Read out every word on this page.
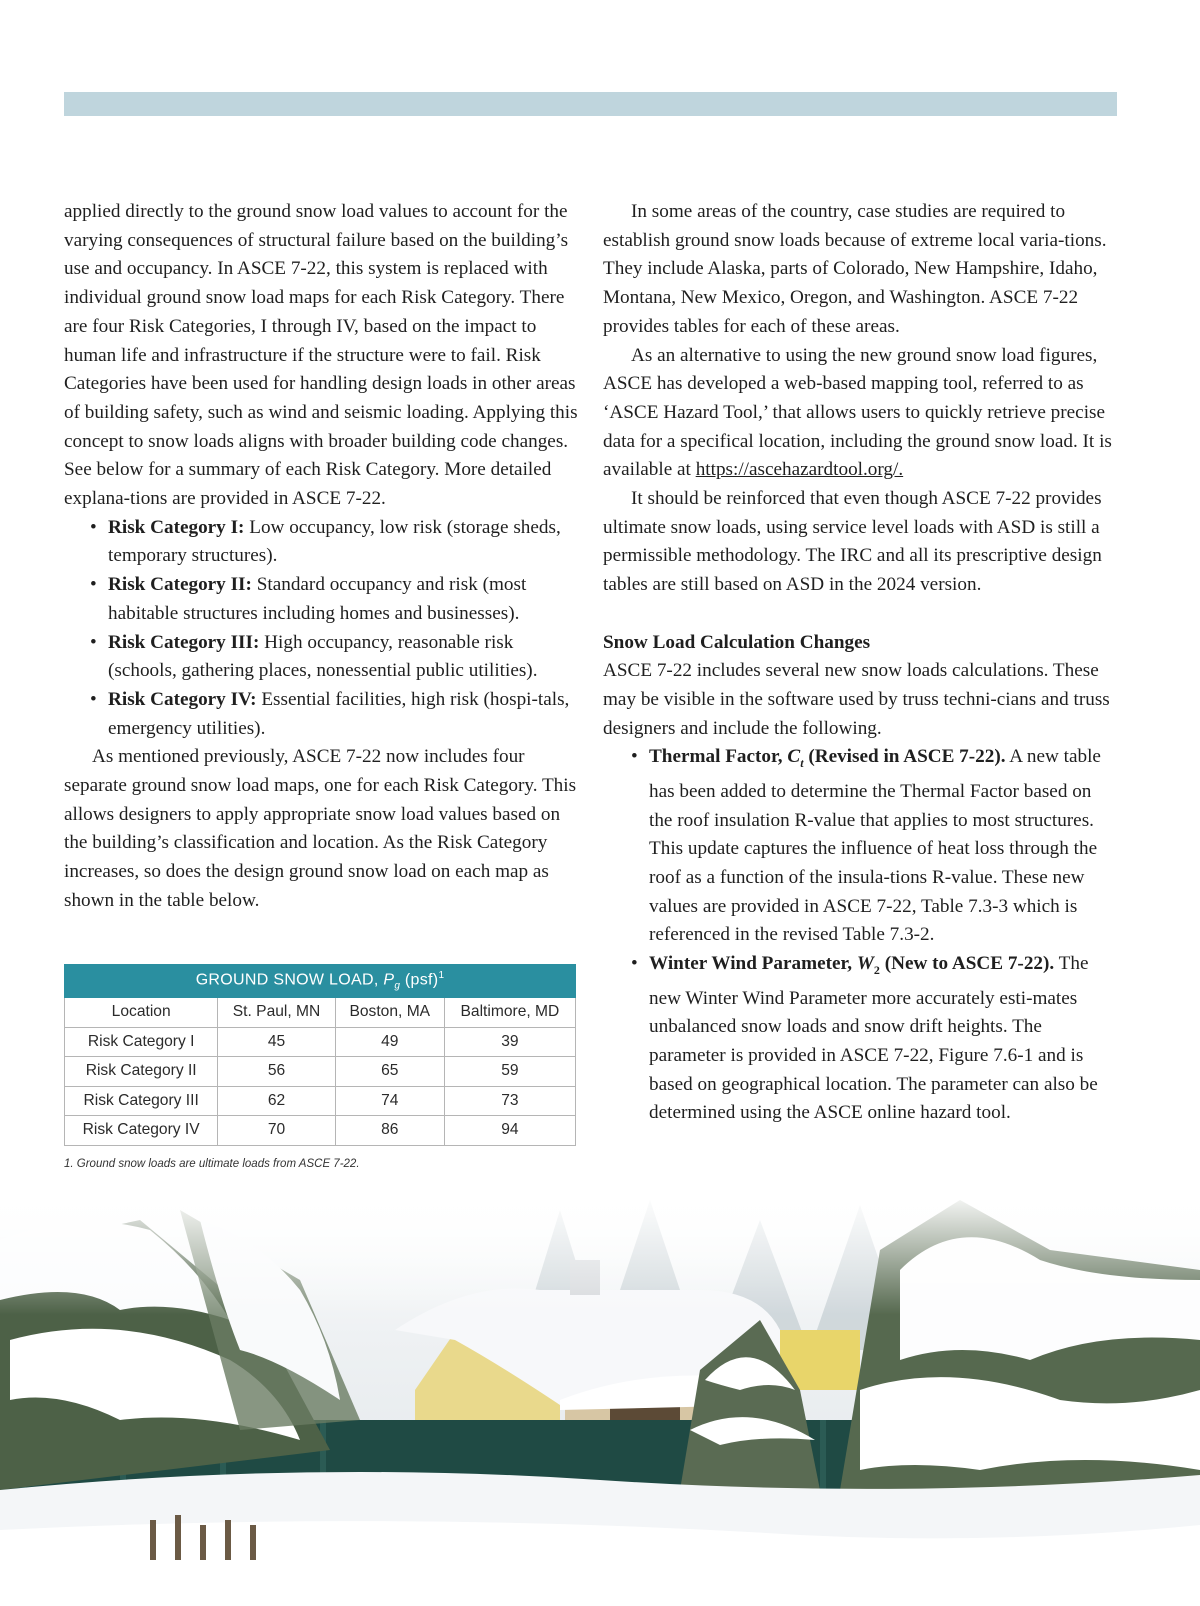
applied directly to the ground snow load values to account for the varying consequences of structural failure based on the building’s use and occupancy. In ASCE 7-22, this system is replaced with individual ground snow load maps for each Risk Category. There are four Risk Categories, I through IV, based on the impact to human life and infrastructure if the structure were to fail. Risk Categories have been used for handling design loads in other areas of building safety, such as wind and seismic loading. Applying this concept to snow loads aligns with broader building code changes. See below for a summary of each Risk Category. More detailed explana-tions are provided in ASCE 7-22.

• Risk Category I: Low occupancy, low risk (storage sheds, temporary structures).
• Risk Category II: Standard occupancy and risk (most habitable structures including homes and businesses).
• Risk Category III: High occupancy, reasonable risk (schools, gathering places, nonessential public utilities).
• Risk Category IV: Essential facilities, high risk (hospi-tals, emergency utilities).

As mentioned previously, ASCE 7-22 now includes four separate ground snow load maps, one for each Risk Category. This allows designers to apply appropriate snow load values based on the building’s classification and location. As the Risk Category increases, so does the design ground snow load on each map as shown in the table below.

GROUND SNOW LOAD, $P_g$ (psf)$^1$
Location	St. Paul, MN	Boston, MA	Baltimore, MD
Risk Category I	45	49	39
Risk Category II	56	65	59
Risk Category III	62	74	73
Risk Category IV	70	86	94
1. Ground snow loads are ultimate loads from ASCE 7-22.

In some areas of the country, case studies are required to establish ground snow loads because of extreme local varia-tions. They include Alaska, parts of Colorado, New Hampshire, Idaho, Montana, New Mexico, Oregon, and Washington. ASCE 7-22 provides tables for each of these areas.

As an alternative to using the new ground snow load figures, ASCE has developed a web-based mapping tool, referred to as ‘ASCE Hazard Tool,’ that allows users to quickly retrieve precise data for a specifical location, including the ground snow load. It is available at https://ascehazardtool.org/.

It should be reinforced that even though ASCE 7-22 provides ultimate snow loads, using service level loads with ASD is still a permissible methodology. The IRC and all its prescriptive design tables are still based on ASD in the 2024 version.

Snow Load Calculation Changes

ASCE 7-22 includes several new snow loads calculations. These may be visible in the software used by truss techni-cians and truss designers and include the following.

• Thermal Factor, $C_t$ (Revised in ASCE 7-22). A new table has been added to determine the Thermal Factor based on the roof insulation R-value that applies to most structures. This update captures the influence of heat loss through the roof as a function of the insula-tions R-value. These new values are provided in ASCE 7-22, Table 7.3-3 which is referenced in the revised Table 7.3-2.
• Winter Wind Parameter, $W_2$ (New to ASCE 7-22). The new Winter Wind Parameter more accurately esti-mates unbalanced snow loads and snow drift heights. The parameter is provided in ASCE 7-22, Figure 7.6-1 and is based on geographical location. The parameter can also be determined using the ASCE online hazard tool.
26 sbcacomponents.com
